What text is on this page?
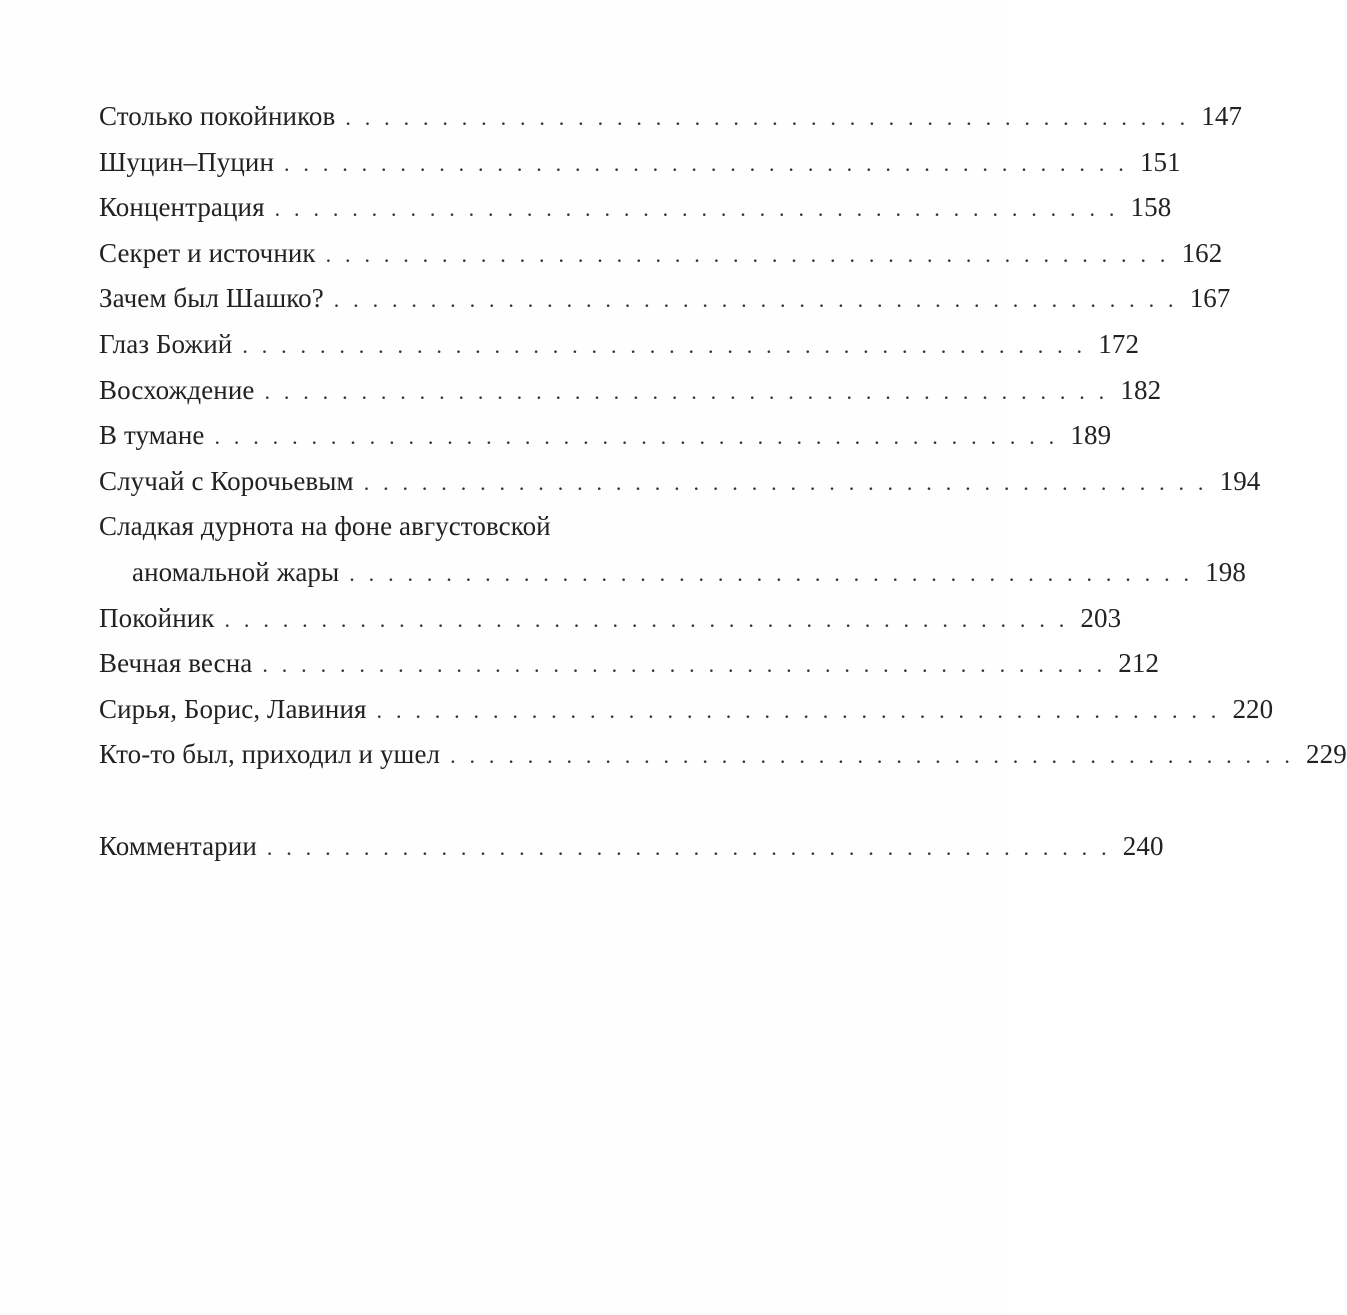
Столько покойников . . . . . . . . . . . . . . . . . . . . . . . . . . . . . . . . . . . . . . . . . . . . 147
Шуцин–Пуцин . . . . . . . . . . . . . . . . . . . . . . . . . . . . . . . . . . . . . . . . . . . . 151
Концентрация . . . . . . . . . . . . . . . . . . . . . . . . . . . . . . . . . . . . . . . . . . . . 158
Секрет и источник . . . . . . . . . . . . . . . . . . . . . . . . . . . . . . . . . . . . . . . . . . . . 162
Зачем был Шашко? . . . . . . . . . . . . . . . . . . . . . . . . . . . . . . . . . . . . . . . . . . . . 167
Глаз Божий . . . . . . . . . . . . . . . . . . . . . . . . . . . . . . . . . . . . . . . . . . . . 172
Восхождение . . . . . . . . . . . . . . . . . . . . . . . . . . . . . . . . . . . . . . . . . . . . 182
В тумане . . . . . . . . . . . . . . . . . . . . . . . . . . . . . . . . . . . . . . . . . . . . 189
Случай с Корочьевым . . . . . . . . . . . . . . . . . . . . . . . . . . . . . . . . . . . . . . . . . . . . 194
Сладкая дурнота на фоне августовской
аномальной жары . . . . . . . . . . . . . . . . . . . . . . . . . . . . . . . . . . . . . . . . . . . . 198
Покойник . . . . . . . . . . . . . . . . . . . . . . . . . . . . . . . . . . . . . . . . . . . . 203
Вечная весна . . . . . . . . . . . . . . . . . . . . . . . . . . . . . . . . . . . . . . . . . . . . 212
Сирья, Борис, Лавиния . . . . . . . . . . . . . . . . . . . . . . . . . . . . . . . . . . . . . . . . . . . . 220
Кто-то был, приходил и ушел . . . . . . . . . . . . . . . . . . . . . . . . . . . . . . . . . . . . . . . . . . . . 229
Комментарии . . . . . . . . . . . . . . . . . . . . . . . . . . . . . . . . . . . . . . . . . . . . 240
